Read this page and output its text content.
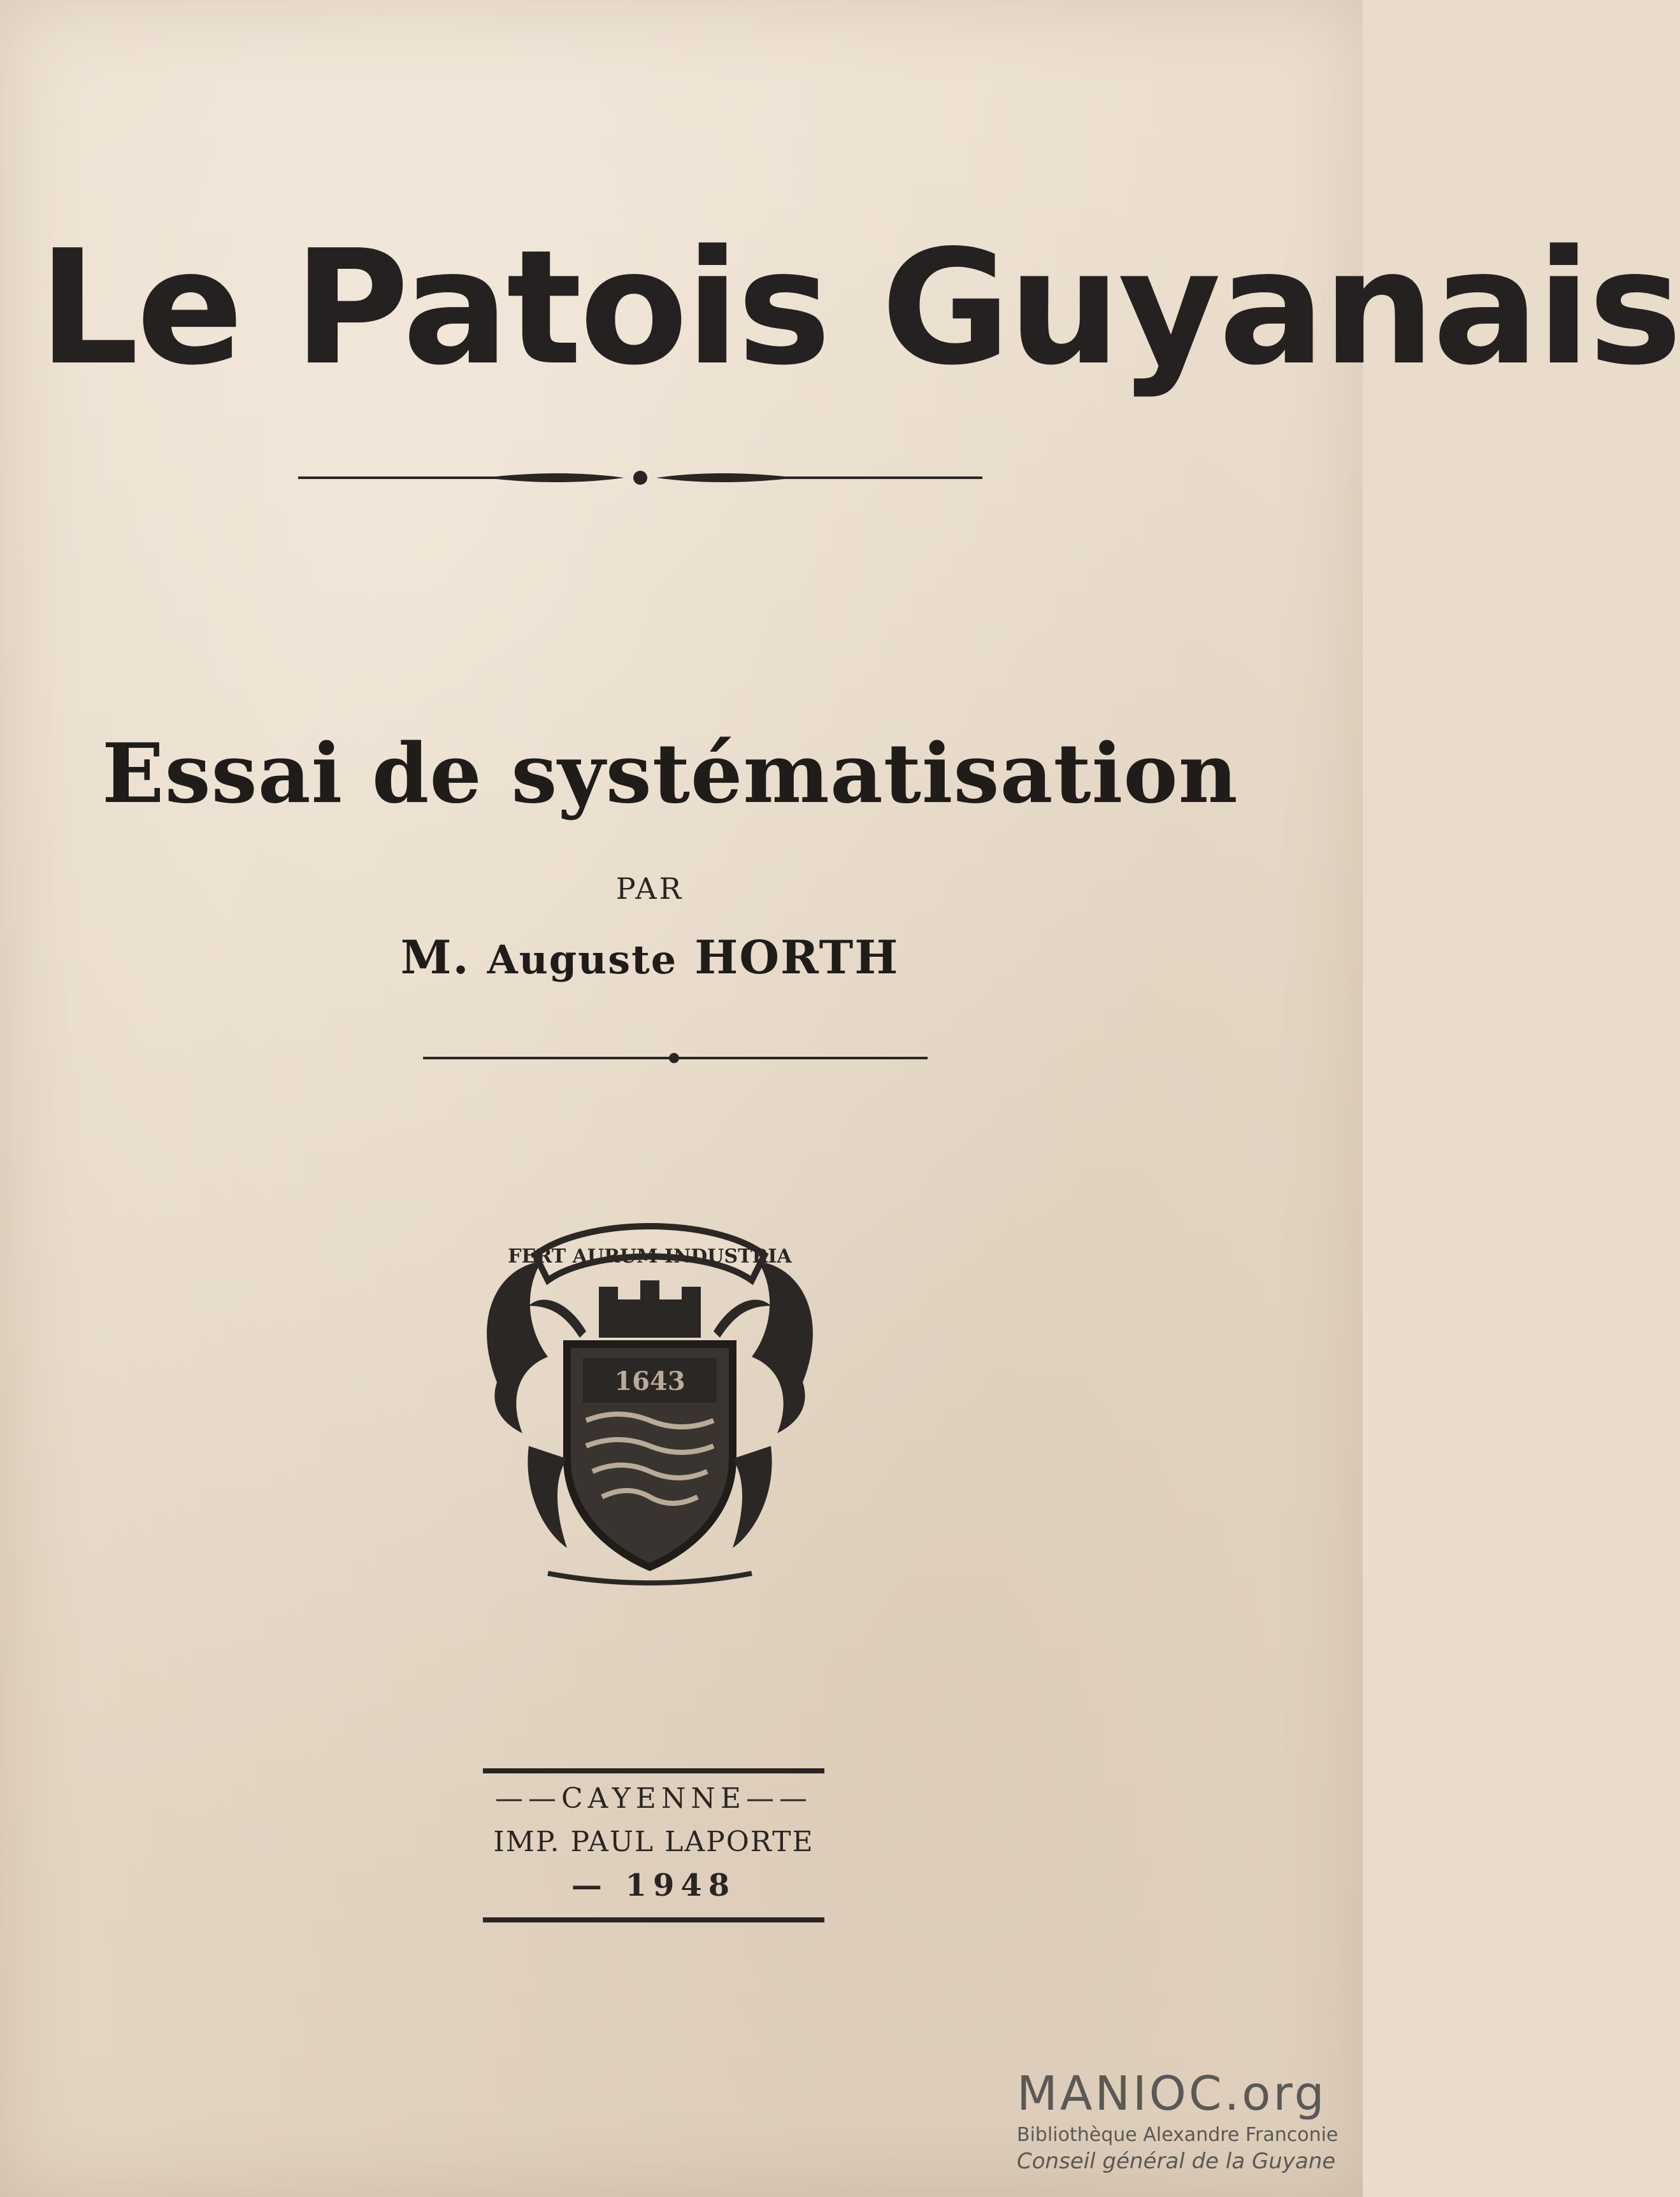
Le Patois Guyanais
Essai de systématisation
PAR
M. Auguste HORTH
FERT AURUM INDUSTRIA
1643
——CAYENNE——
IMP. PAUL LAPORTE
— 1948
MANIOC.org
Bibliothèque Alexandre Franconie
Conseil général de la Guyane
